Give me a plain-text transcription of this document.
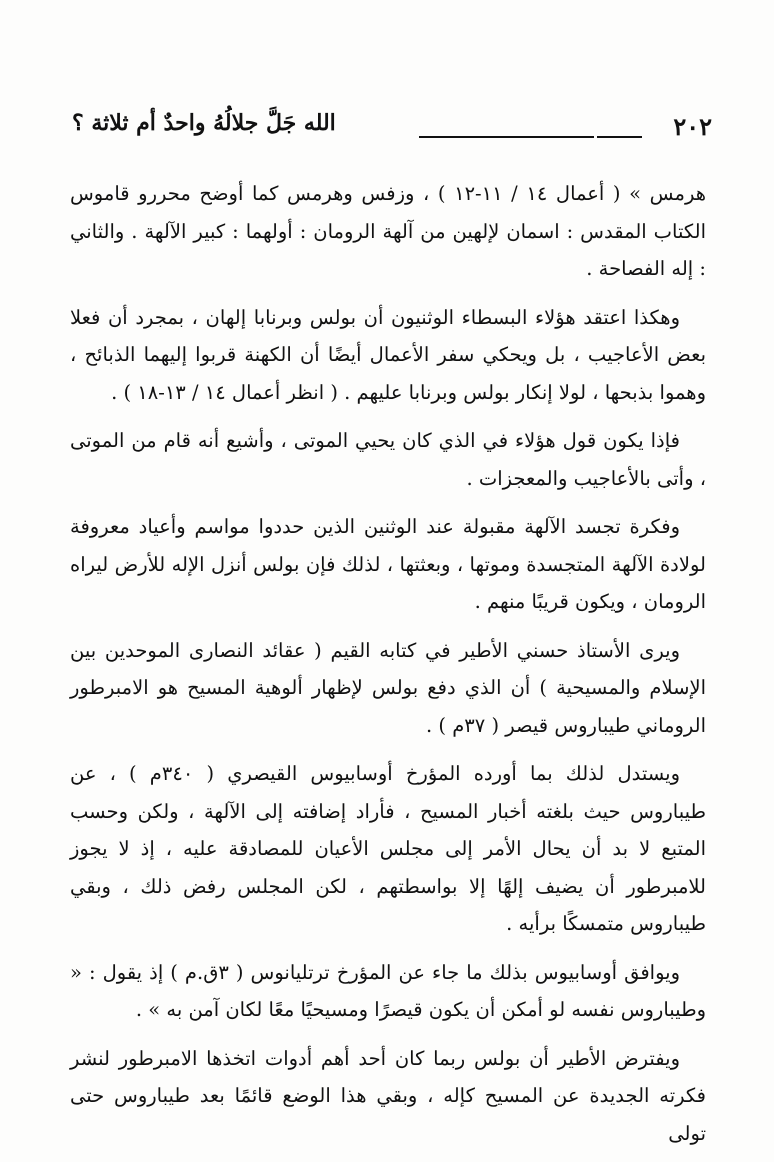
٢٠٢
الله جَلَّ جلالُهُ واحدٌ أم ثلاثة ؟

هرمس » ( أعمال ١٤ / ١١-١٢ ) ، وزفس وهرمس كما أوضح محررو قاموس الكتاب المقدس : اسمان لإلهين من آلهة الرومان : أولهما : كبير الآلهة . والثاني : إله الفصاحة .

وهكذا اعتقد هؤلاء البسطاء الوثنيون أن بولس وبرنابا إلهان ، بمجرد أن فعلا بعض الأعاجيب ، بل ويحكي سفر الأعمال أيضًا أن الكهنة قربوا إليهما الذبائح ، وهموا بذبحها ، لولا إنكار بولس وبرنابا عليهم . ( انظر أعمال ١٤ / ١٣-١٨ ) .

فإذا يكون قول هؤلاء في الذي كان يحيي الموتى ، وأشيع أنه قام من الموتى ، وأتى بالأعاجيب والمعجزات .

وفكرة تجسد الآلهة مقبولة عند الوثنين الذين حددوا مواسم وأعياد معروفة لولادة الآلهة المتجسدة وموتها ، وبعثتها ، لذلك فإن بولس أنزل الإله للأرض ليراه الرومان ، ويكون قريبًا منهم .

ويرى الأستاذ حسني الأطير في كتابه القيم ( عقائد النصارى الموحدين بين الإسلام والمسيحية ) أن الذي دفع بولس لإظهار ألوهية المسيح هو الامبرطور الروماني طيباروس قيصر ( ٣٧م ) .

ويستدل لذلك بما أورده المؤرخ أوسابيوس القيصري ( ٣٤٠م ) ، عن طيباروس حيث بلغته أخبار المسيح ، فأراد إضافته إلى الآلهة ، ولكن وحسب المتبع لا بد أن يحال الأمر إلى مجلس الأعيان للمصادقة عليه ، إذ لا يجوز للامبرطور أن يضيف إلهًا إلا بواسطتهم ، لكن المجلس رفض ذلك ، وبقي طيباروس متمسكًا برأيه .

ويوافق أوسابيوس بذلك ما جاء عن المؤرخ ترتليانوس ( ٣ق.م ) إذ يقول : « وطيباروس نفسه لو أمكن أن يكون قيصرًا ومسيحيًا معًا لكان آمن به » .

ويفترض الأطير أن بولس ربما كان أحد أهم أدوات اتخذها الامبرطور لنشر فكرته الجديدة عن المسيح كإله ، وبقي هذا الوضع قائمًا بعد طيباروس حتى تولى
